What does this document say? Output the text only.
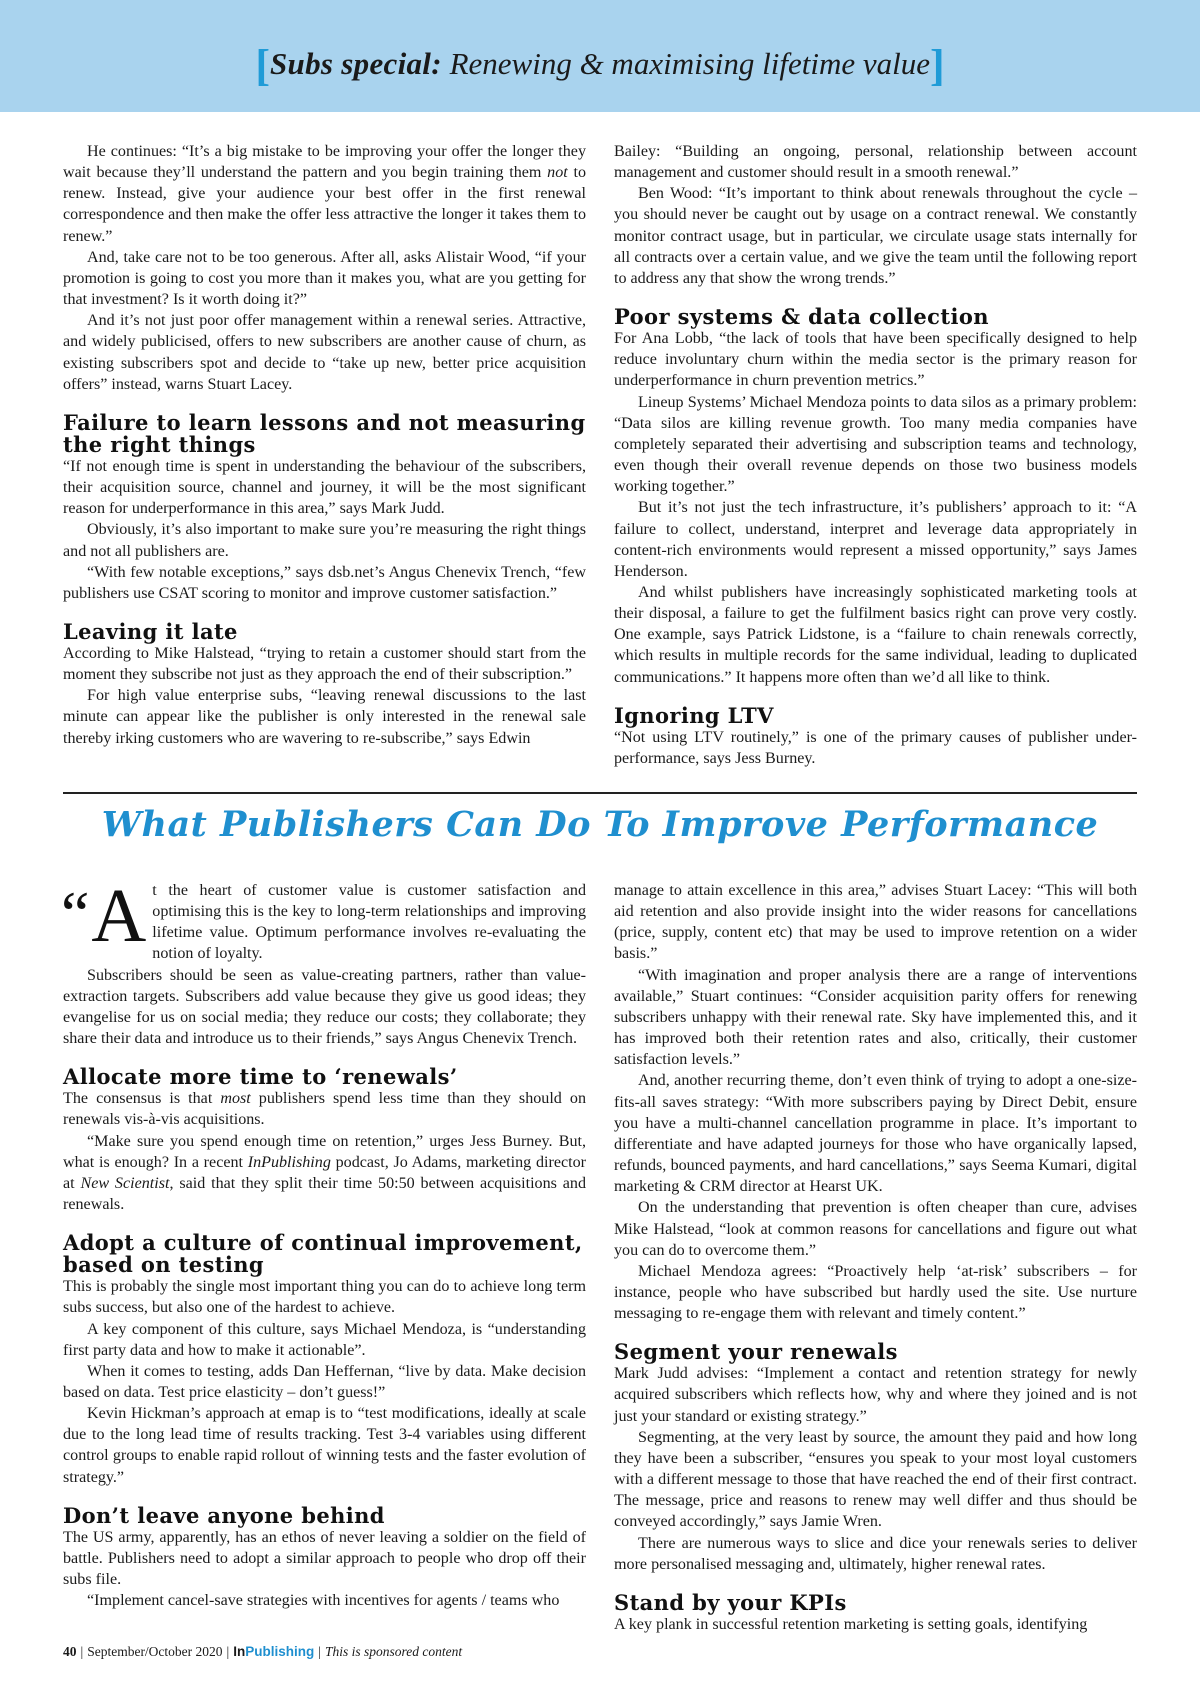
[Subs special: Renewing & maximising lifetime value]

He continues: “It’s a big mistake to be improving your offer the longer they wait because they’ll understand the pattern and you begin training them not to renew. Instead, give your audience your best offer in the first renewal correspondence and then make the offer less attractive the longer it takes them to renew.”

And, take care not to be too generous. After all, asks Alistair Wood, “if your promotion is going to cost you more than it makes you, what are you getting for that investment? Is it worth doing it?”

And it’s not just poor offer management within a renewal series. Attractive, and widely publicised, offers to new subscribers are another cause of churn, as existing subscribers spot and decide to “take up new, better price acquisition offers” instead, warns Stuart Lacey.

Failure to learn lessons and not measuring the right things

“If not enough time is spent in understanding the behaviour of the subscribers, their acquisition source, channel and journey, it will be the most significant reason for underperformance in this area,” says Mark Judd.

Obviously, it’s also important to make sure you’re measuring the right things and not all publishers are.

“With few notable exceptions,” says dsb.net’s Angus Chenevix Trench, “few publishers use CSAT scoring to monitor and improve customer satisfaction.”

Leaving it late

According to Mike Halstead, “trying to retain a customer should start from the moment they subscribe not just as they approach the end of their subscription.”

For high value enterprise subs, “leaving renewal discussions to the last minute can appear like the publisher is only interested in the renewal sale thereby irking customers who are wavering to re-subscribe,” says Edwin

Bailey: “Building an ongoing, personal, relationship between account management and customer should result in a smooth renewal.”

Ben Wood: “It’s important to think about renewals throughout the cycle – you should never be caught out by usage on a contract renewal. We constantly monitor contract usage, but in particular, we circulate usage stats internally for all contracts over a certain value, and we give the team until the following report to address any that show the wrong trends.”

Poor systems & data collection

For Ana Lobb, “the lack of tools that have been specifically designed to help reduce involuntary churn within the media sector is the primary reason for underperformance in churn prevention metrics.”

Lineup Systems’ Michael Mendoza points to data silos as a primary problem: “Data silos are killing revenue growth. Too many media companies have completely separated their advertising and subscription teams and technology, even though their overall revenue depends on those two business models working together.”

But it’s not just the tech infrastructure, it’s publishers’ approach to it: “A failure to collect, understand, interpret and leverage data appropriately in content-rich environments would represent a missed opportunity,” says James Henderson.

And whilst publishers have increasingly sophisticated marketing tools at their disposal, a failure to get the fulfilment basics right can prove very costly. One example, says Patrick Lidstone, is a “failure to chain renewals correctly, which results in multiple records for the same individual, leading to duplicated communications.” It happens more often than we’d all like to think.

Ignoring LTV

“Not using LTV routinely,” is one of the primary causes of publisher under-performance, says Jess Burney.

What Publishers Can Do To Improve Performance

“A t the heart of customer value is customer satisfaction and optimising this is the key to long-term relationships and improving lifetime value. Optimum performance involves re-evaluating the notion of loyalty.

Subscribers should be seen as value-creating partners, rather than value-extraction targets. Subscribers add value because they give us good ideas; they evangelise for us on social media; they reduce our costs; they collaborate; they share their data and introduce us to their friends,” says Angus Chenevix Trench.

Allocate more time to ‘renewals’

The consensus is that most publishers spend less time than they should on renewals vis-à-vis acquisitions.

“Make sure you spend enough time on retention,” urges Jess Burney. But, what is enough? In a recent InPublishing podcast, Jo Adams, marketing director at New Scientist, said that they split their time 50:50 between acquisitions and renewals.

Adopt a culture of continual improvement, based on testing

This is probably the single most important thing you can do to achieve long term subs success, but also one of the hardest to achieve.

A key component of this culture, says Michael Mendoza, is “understanding first party data and how to make it actionable”.

When it comes to testing, adds Dan Heffernan, “live by data. Make decision based on data. Test price elasticity – don’t guess!”

Kevin Hickman’s approach at emap is to “test modifications, ideally at scale due to the long lead time of results tracking. Test 3-4 variables using different control groups to enable rapid rollout of winning tests and the faster evolution of strategy.”

Don’t leave anyone behind

The US army, apparently, has an ethos of never leaving a soldier on the field of battle. Publishers need to adopt a similar approach to people who drop off their subs file.

“Implement cancel-save strategies with incentives for agents / teams who

manage to attain excellence in this area,” advises Stuart Lacey: “This will both aid retention and also provide insight into the wider reasons for cancellations (price, supply, content etc) that may be used to improve retention on a wider basis.”

“With imagination and proper analysis there are a range of interventions available,” Stuart continues: “Consider acquisition parity offers for renewing subscribers unhappy with their renewal rate. Sky have implemented this, and it has improved both their retention rates and also, critically, their customer satisfaction levels.”

And, another recurring theme, don’t even think of trying to adopt a one-size-fits-all saves strategy: “With more subscribers paying by Direct Debit, ensure you have a multi-channel cancellation programme in place. It’s important to differentiate and have adapted journeys for those who have organically lapsed, refunds, bounced payments, and hard cancellations,” says Seema Kumari, digital marketing & CRM director at Hearst UK.

On the understanding that prevention is often cheaper than cure, advises Mike Halstead, “look at common reasons for cancellations and figure out what you can do to overcome them.”

Michael Mendoza agrees: “Proactively help ‘at-risk’ subscribers – for instance, people who have subscribed but hardly used the site. Use nurture messaging to re-engage them with relevant and timely content.”

Segment your renewals

Mark Judd advises: “Implement a contact and retention strategy for newly acquired subscribers which reflects how, why and where they joined and is not just your standard or existing strategy.”

Segmenting, at the very least by source, the amount they paid and how long they have been a subscriber, “ensures you speak to your most loyal customers with a different message to those that have reached the end of their first contract. The message, price and reasons to renew may well differ and thus should be conveyed accordingly,” says Jamie Wren.

There are numerous ways to slice and dice your renewals series to deliver more personalised messaging and, ultimately, higher renewal rates.

Stand by your KPIs

A key plank in successful retention marketing is setting goals, identifying

40 | September/October 2020 | InPublishing | This is sponsored content
